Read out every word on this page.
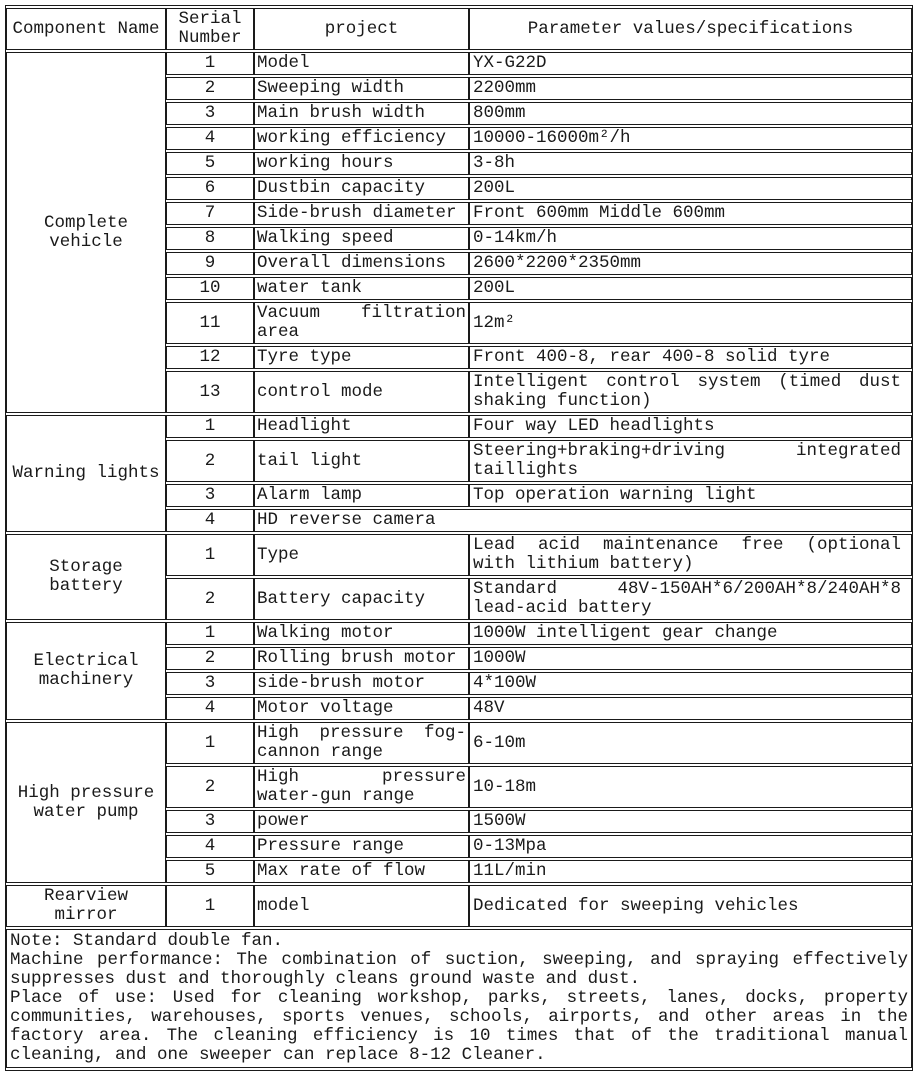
Component Name	Serial Number	project	Parameter values/specifications
Complete vehicle	1	Model	YX-G22D
	2	Sweeping width	2200mm
	3	Main brush width	800mm
	4	working efficiency	10000-16000m²/h
	5	working hours	3-8h
	6	Dustbin capacity	200L
	7	Side-brush diameter	Front 600mm Middle 600mm
	8	Walking speed	0-14km/h
	9	Overall dimensions	2600*2200*2350mm
	10	water tank	200L
	11	Vacuum filtration area	12m²
	12	Tyre type	Front 400-8, rear 400-8 solid tyre
	13	control mode	Intelligent control system (timed dust shaking function)
Warning lights	1	Headlight	Four way LED headlights
	2	tail light	Steering+braking+driving integrated taillights
	3	Alarm lamp	Top operation warning light
	4	HD reverse camera	
Storage battery	1	Type	Lead acid maintenance free (optional with lithium battery)
	2	Battery capacity	Standard 48V-150AH*6/200AH*8/240AH*8 lead-acid battery
Electrical machinery	1	Walking motor	1000W intelligent gear change
	2	Rolling brush motor	1000W
	3	side-brush motor	4*100W
	4	Motor voltage	48V
High pressure water pump	1	High pressure fog-cannon range	6-10m
	2	High pressure water-gun range	10-18m
	3	power	1500W
	4	Pressure range	0-13Mpa
	5	Max rate of flow	11L/min
Rearview mirror	1	model	Dedicated for sweeping vehicles

Note: Standard double fan.
Machine performance: The combination of suction, sweeping, and spraying effectively suppresses dust and thoroughly cleans ground waste and dust.
Place of use: Used for cleaning workshop, parks, streets, lanes, docks, property communities, warehouses, sports venues, schools, airports, and other areas in the factory area. The cleaning efficiency is 10 times that of the traditional manual cleaning, and one sweeper can replace 8-12 Cleaner.			
